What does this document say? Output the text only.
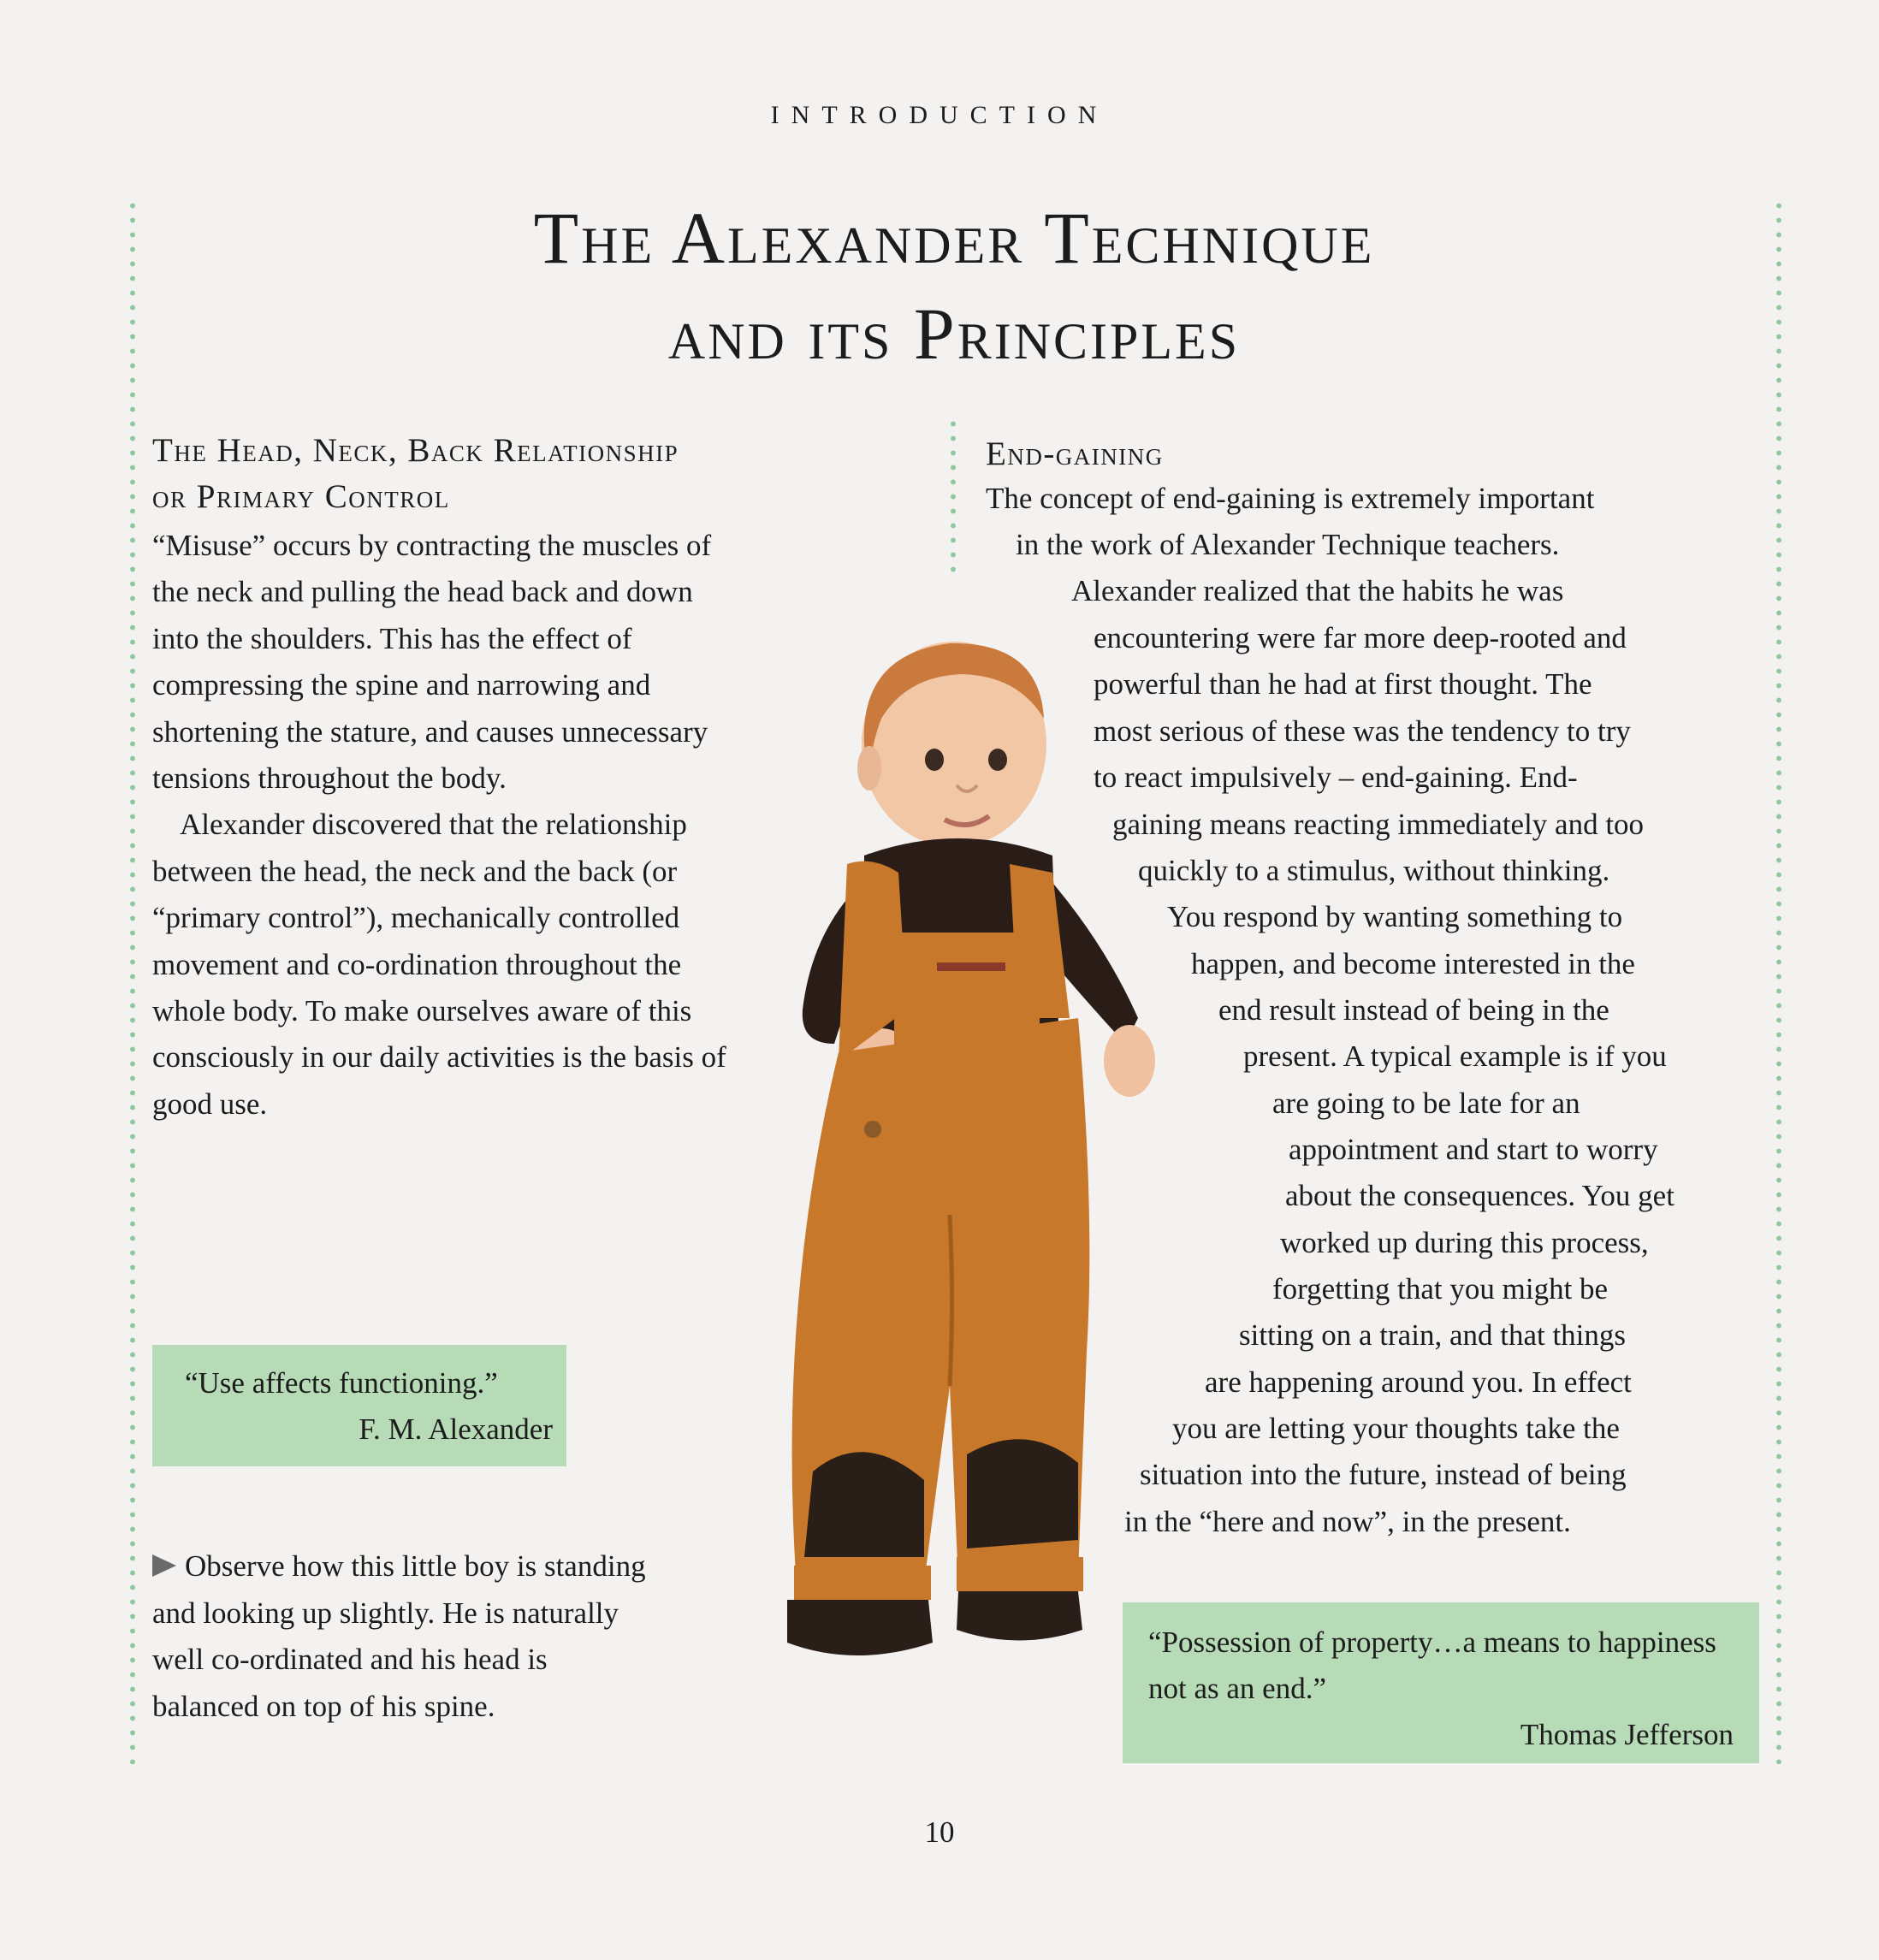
INTRODUCTION
The Alexander Technique
and its Principles
The Head, Neck, Back Relationship
or Primary Control

“Misuse” occurs by contracting the muscles of the neck and pulling the head back and down into the shoulders. This has the effect of compressing the spine and narrowing and shortening the stature, and causes unnecessary tensions throughout the body.

Alexander discovered that the relationship between the head, the neck and the back (or “primary control”), mechanically controlled movement and co-ordination throughout the whole body. To make ourselves aware of this consciously in our daily activities is the basis of good use.

“Use affects functioning.”
F. M. Alexander

Observe how this little boy is standing and looking up slightly. He is naturally well co-ordinated and his head is balanced on top of his spine.

End-gaining
The concept of end-gaining is extremely important
in the work of Alexander Technique teachers.
Alexander realized that the habits he was
encountering were far more deep-rooted and
powerful than he had at first thought. The
most serious of these was the tendency to try
to react impulsively – end-gaining. End-
gaining means reacting immediately and too
quickly to a stimulus, without thinking.
You respond by wanting something to
happen, and become interested in the
end result instead of being in the
present. A typical example is if you
are going to be late for an
appointment and start to worry
about the consequences. You get
worked up during this process,
forgetting that you might be
sitting on a train, and that things
are happening around you. In effect
you are letting your thoughts take the
situation into the future, instead of being
in the “here and now”, in the present.
“Possession of property…a means to happiness not as an end.”
Thomas Jefferson
10
